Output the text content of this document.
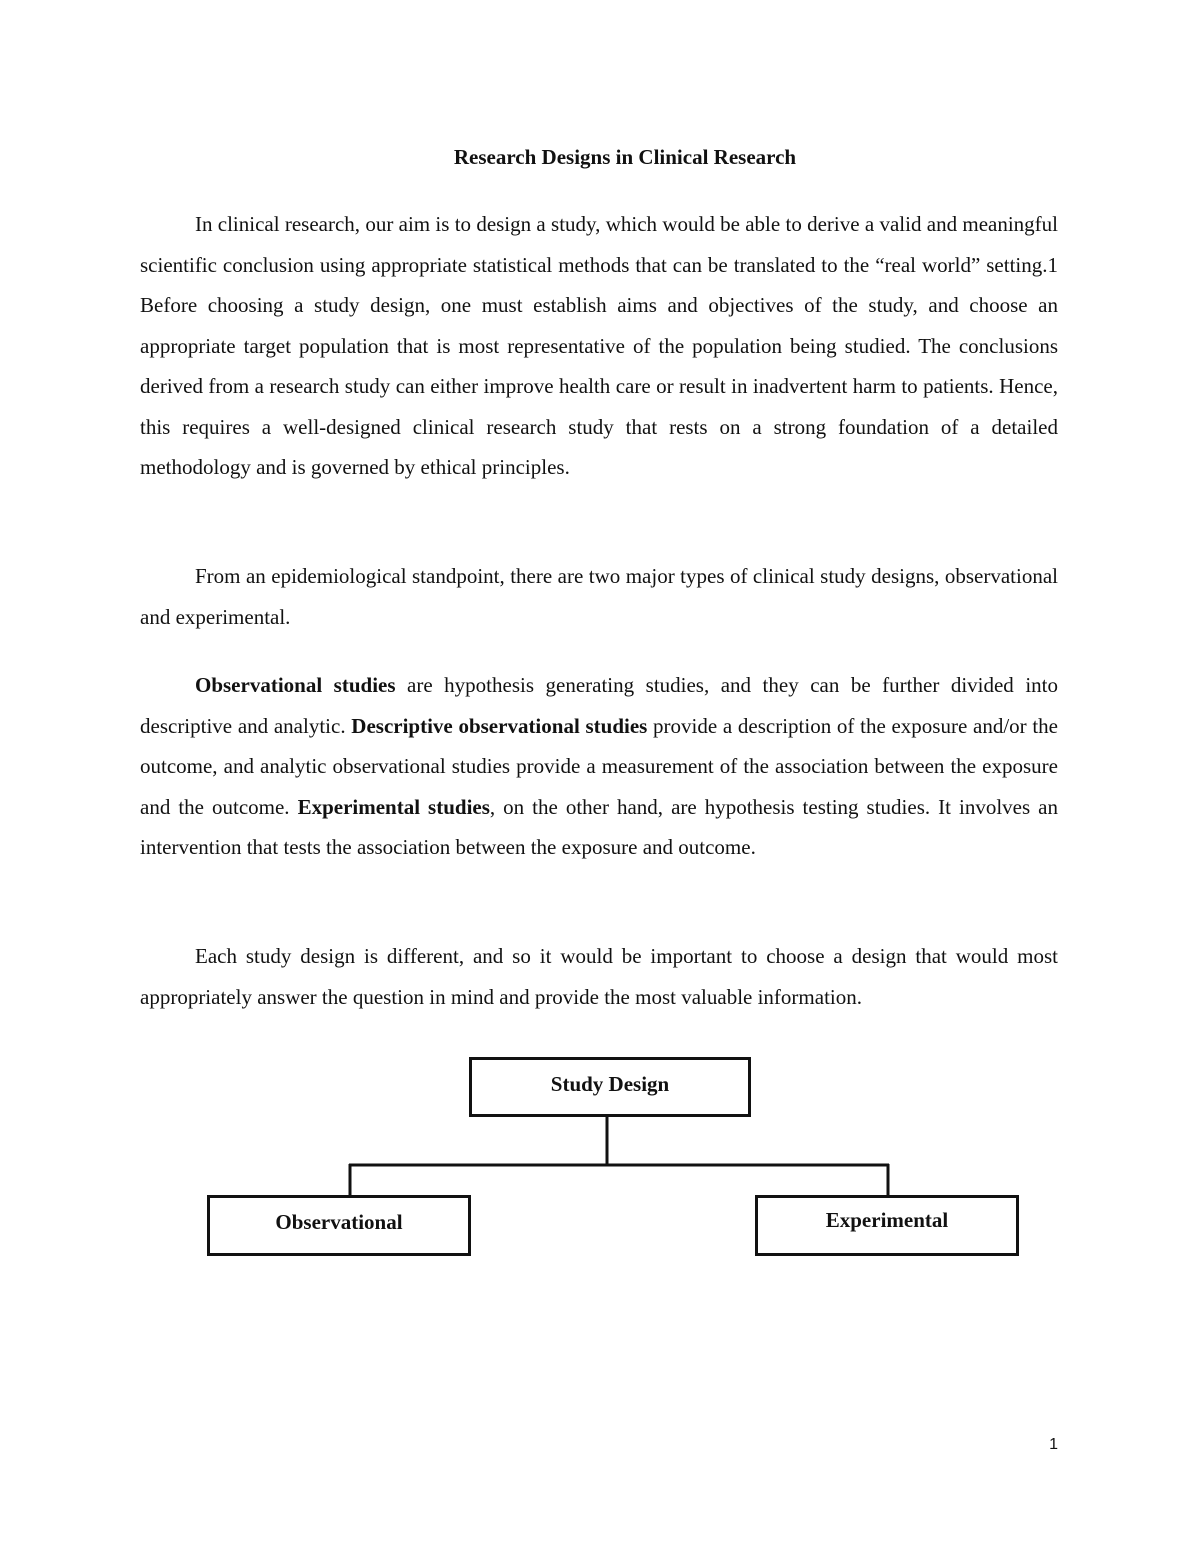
Research Designs in Clinical Research

In clinical research, our aim is to design a study, which would be able to derive a valid and meaningful scientific conclusion using appropriate statistical methods that can be translated to the “real world” setting.1 Before choosing a study design, one must establish aims and objectives of the study, and choose an appropriate target population that is most representative of the population being studied. The conclusions derived from a research study can either improve health care or result in inadvertent harm to patients. Hence, this requires a well-designed clinical research study that rests on a strong foundation of a detailed methodology and is governed by ethical principles.

From an epidemiological standpoint, there are two major types of clinical study designs, observational and experimental.

Observational studies are hypothesis generating studies, and they can be further divided into descriptive and analytic. Descriptive observational studies provide a description of the exposure and/or the outcome, and analytic observational studies provide a measurement of the association between the exposure and the outcome. Experimental studies, on the other hand, are hypothesis testing studies. It involves an intervention that tests the association between the exposure and outcome.

Each study design is different, and so it would be important to choose a design that would most appropriately answer the question in mind and provide the most valuable information.

Study Design
Observational	Experimental
1
